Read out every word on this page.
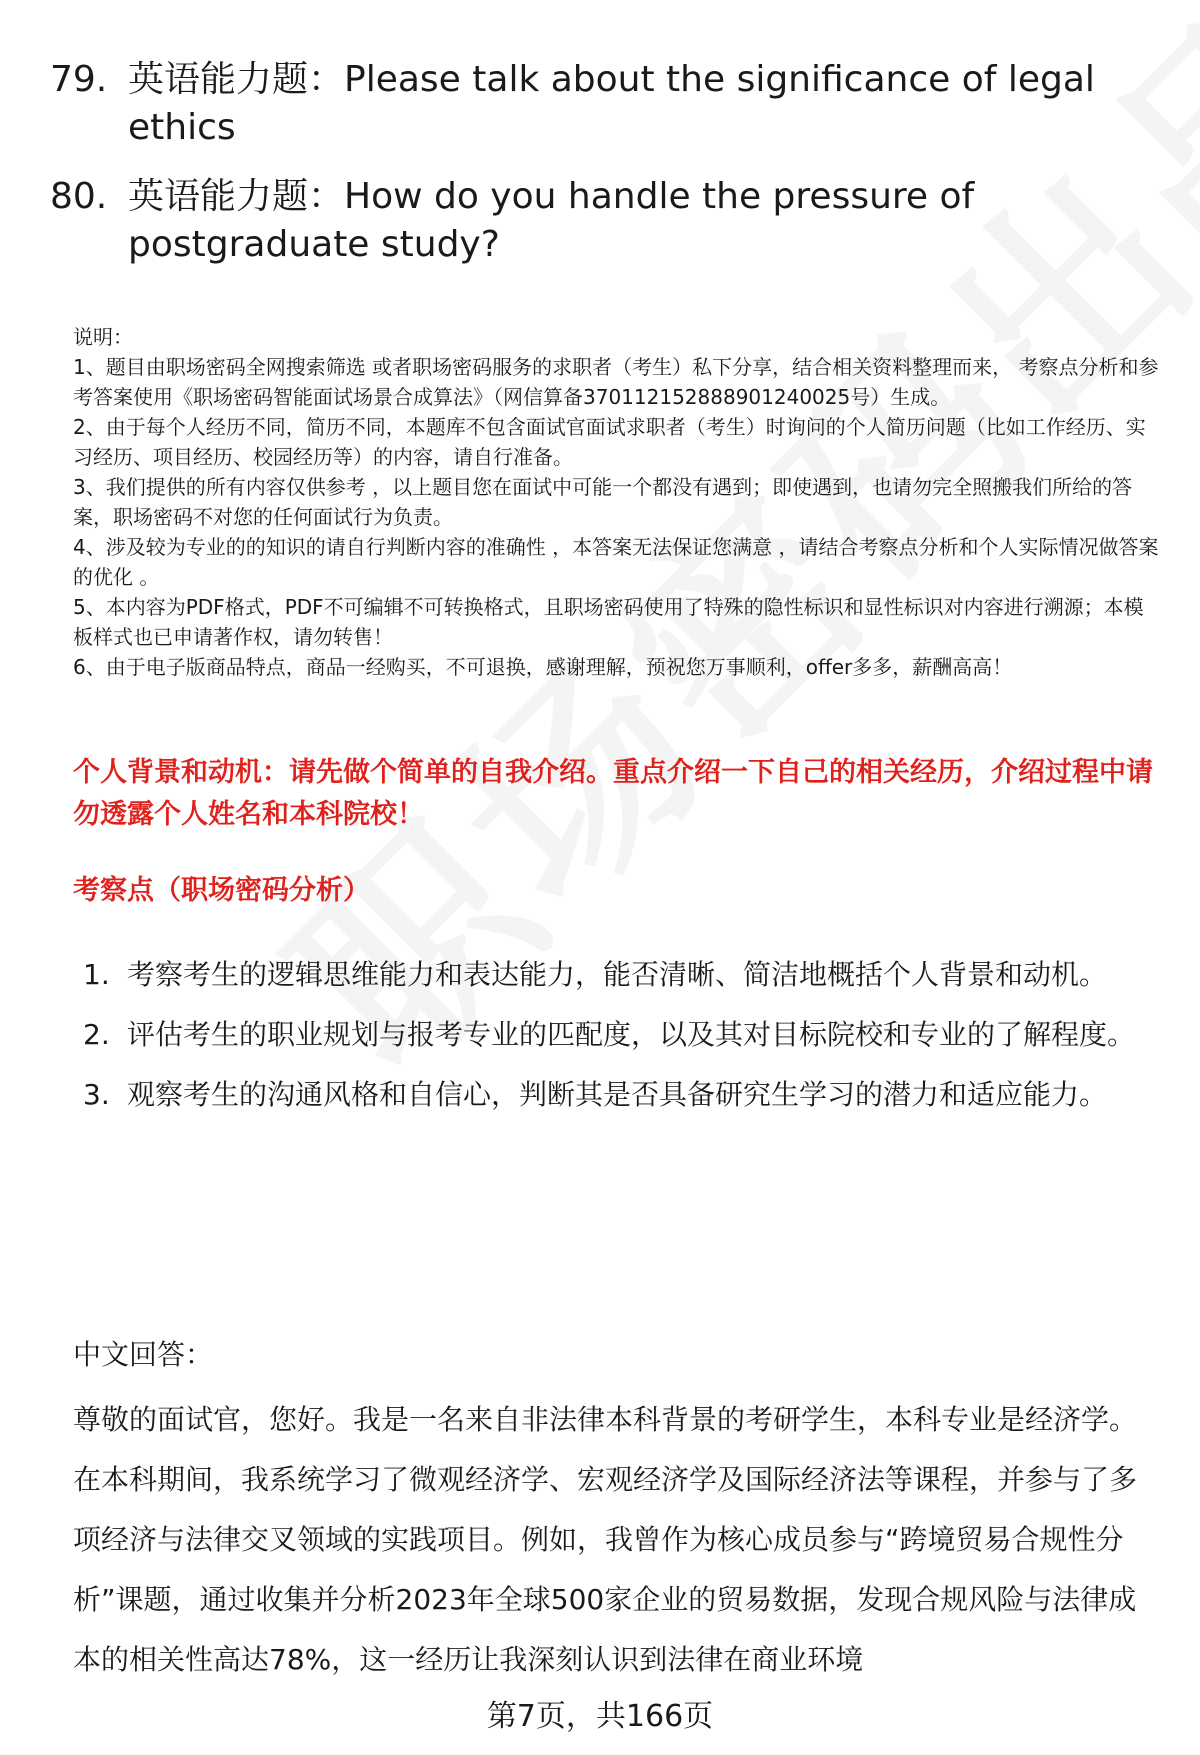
79. 英语能力题：Please talk about the significance of legal ethics
80. 英语能力题：How do you handle the pressure of postgraduate study?
说明：
1、题目由职场密码全网搜索筛选 或者职场密码服务的求职者（考生）私下分享，结合相关资料整理而来， 考察点分析和参考答案使用《职场密码智能面试场景合成算法》（网信算备370112152888901240025号）生成。
2、由于每个人经历不同，简历不同，本题库不包含面试官面试求职者（考生）时询问的个人简历问题（比如工作经历、实习经历、项目经历、校园经历等）的内容，请自行准备。
3、我们提供的所有内容仅供参考 ，以上题目您在面试中可能一个都没有遇到；即使遇到，也请勿完全照搬我们所给的答案，职场密码不对您的任何面试行为负责。
4、涉及较为专业的的知识的请自行判断内容的准确性 ，本答案无法保证您满意 ，请结合考察点分析和个人实际情况做答案的优化 。
5、本内容为PDF格式，PDF不可编辑不可转换格式，且职场密码使用了特殊的隐性标识和显性标识对内容进行溯源；本模板样式也已申请著作权，请勿转售！
6、由于电子版商品特点，商品一经购买，不可退换，感谢理解，预祝您万事顺利，offer多多，薪酬高高！
个人背景和动机：请先做个简单的自我介绍。重点介绍一下自己的相关经历，介绍过程中请勿透露个人姓名和本科院校！
考察点（职场密码分析）
1. 考察考生的逻辑思维能力和表达能力，能否清晰、简洁地概括个人背景和动机。
2. 评估考生的职业规划与报考专业的匹配度，以及其对目标院校和专业的了解程度。
3. 观察考生的沟通风格和自信心，判断其是否具备研究生学习的潜力和适应能力。
中文回答：
尊敬的面试官，您好。我是一名来自非法律本科背景的考研学生，本科专业是经济学。在本科期间，我系统学习了微观经济学、宏观经济学及国际经济法等课程，并参与了多项经济与法律交叉领域的实践项目。例如，我曾作为核心成员参与“跨境贸易合规性分析”课题，通过收集并分析2023年全球500家企业的贸易数据，发现合规风险与法律成本的相关性高达78%，这一经历让我深刻认识到法律在商业环境
第7页，共166页
